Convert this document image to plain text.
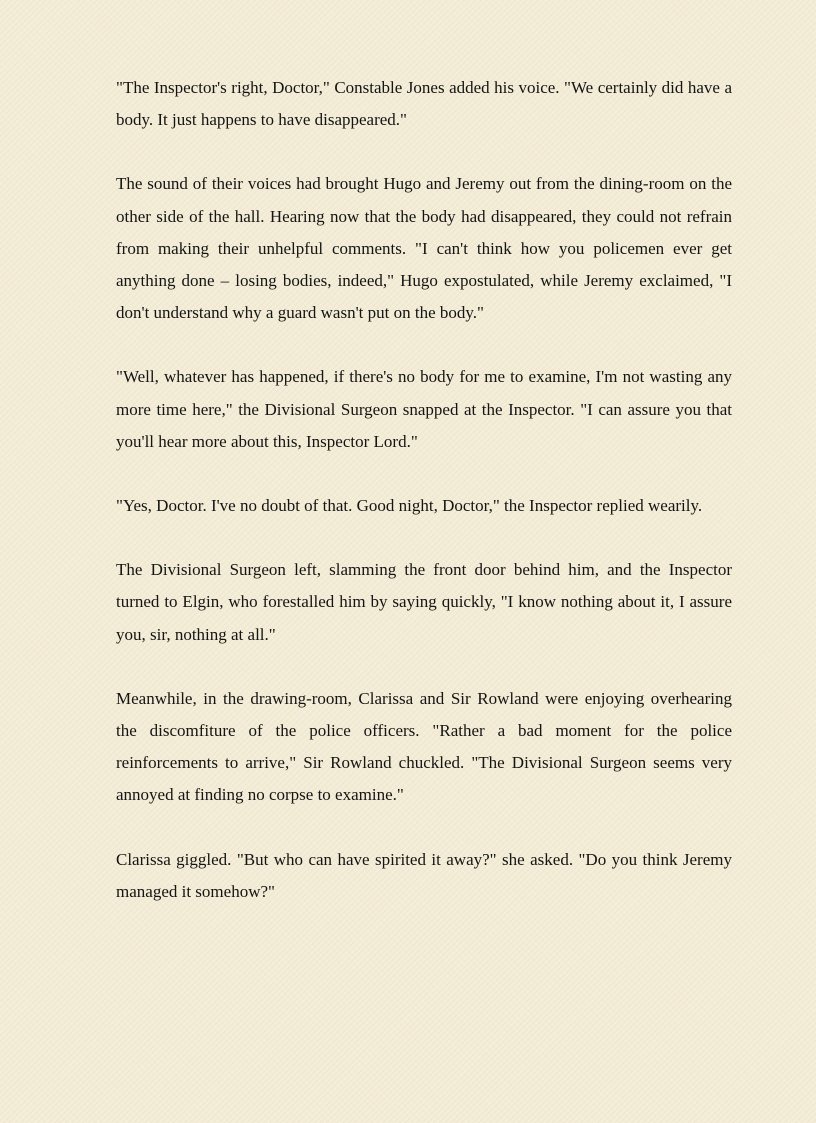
"The Inspector's right, Doctor," Constable Jones added his voice. "We certainly did have a body. It just happens to have disappeared."

The sound of their voices had brought Hugo and Jeremy out from the dining-room on the other side of the hall. Hearing now that the body had disappeared, they could not refrain from making their unhelpful comments. "I can't think how you policemen ever get anything done – losing bodies, indeed," Hugo expostulated, while Jeremy exclaimed, "I don't understand why a guard wasn't put on the body."

"Well, whatever has happened, if there's no body for me to examine, I'm not wasting any more time here," the Divisional Surgeon snapped at the Inspector. "I can assure you that you'll hear more about this, Inspector Lord."

"Yes, Doctor. I've no doubt of that. Good night, Doctor," the Inspector replied wearily.

The Divisional Surgeon left, slamming the front door behind him, and the Inspector turned to Elgin, who forestalled him by saying quickly, "I know nothing about it, I assure you, sir, nothing at all."

Meanwhile, in the drawing-room, Clarissa and Sir Rowland were enjoying overhearing the discomfiture of the police officers. "Rather a bad moment for the police reinforcements to arrive," Sir Rowland chuckled. "The Divisional Surgeon seems very annoyed at finding no corpse to examine."

Clarissa giggled. "But who can have spirited it away?" she asked. "Do you think Jeremy managed it somehow?"
